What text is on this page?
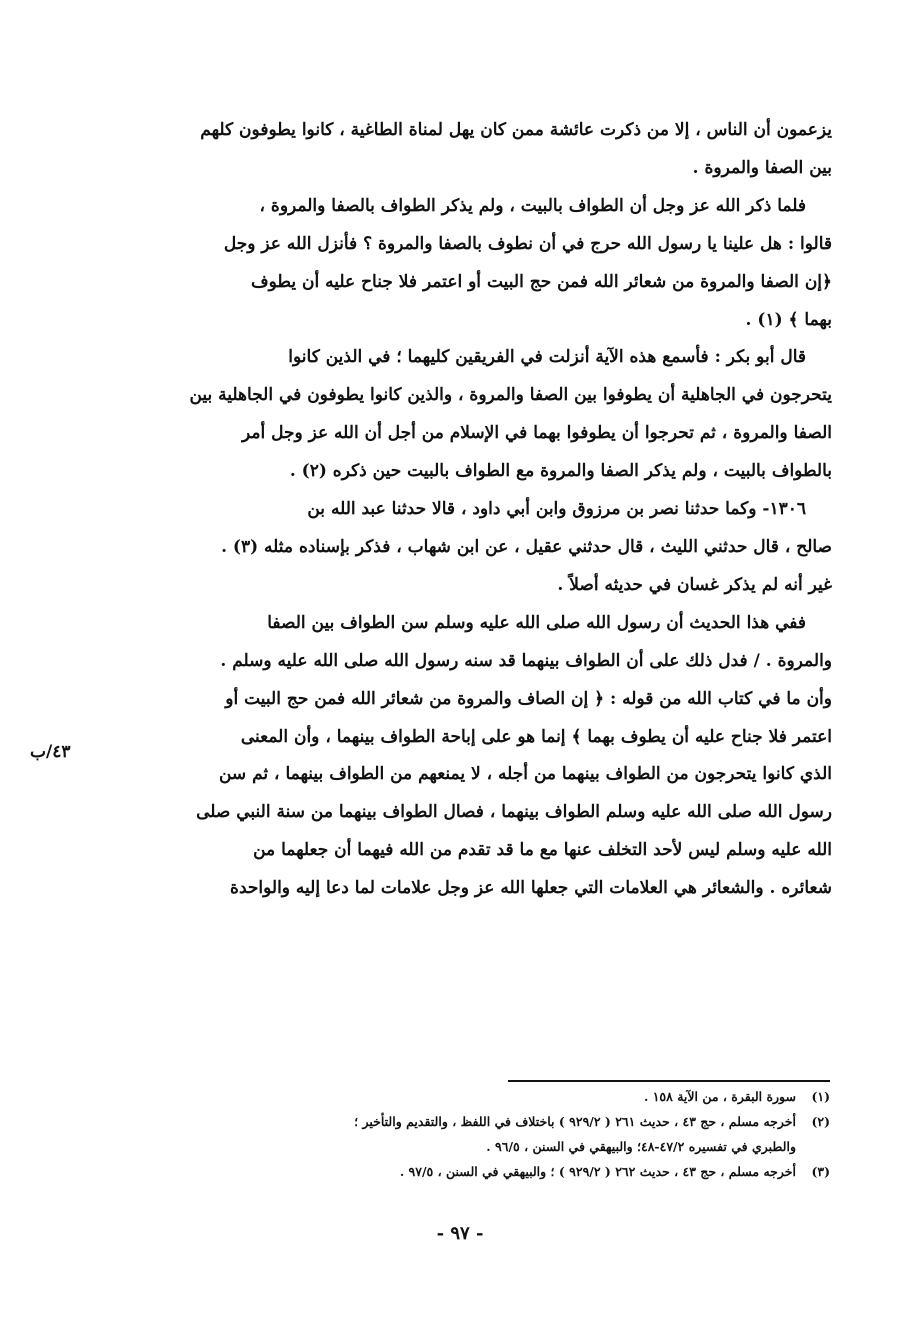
يزعمون أن الناس ، إلا من ذكرت عائشة ممن كان يهل لمناة الطاغية ، كانوا يطوفون كلهم
بين الصفا والمروة .

فلما ذكر الله عز وجل أن الطواف بالبيت ، ولم يذكر الطواف بالصفا والمروة ،
قالوا : هل علينا يا رسول الله حرج في أن نطوف بالصفا والمروة ؟ فأنزل الله عز وجل
﴿إن الصفا والمروة من شعائر الله فمن حج البيت أو اعتمر فلا جناح عليه أن يطوف
بهما ﴾ (١) .

قال أبو بكر : فأسمع هذه الآية أنزلت في الفريقين كليهما ؛ في الذين كانوا
يتحرجون في الجاهلية أن يطوفوا بين الصفا والمروة ، والذين كانوا يطوفون في الجاهلية بين
الصفا والمروة ، ثم تحرجوا أن يطوفوا بهما في الإسلام من أجل أن الله عز وجل أمر
بالطواف بالبيت ، ولم يذكر الصفا والمروة مع الطواف بالبيت حين ذكره (٢) .

١٣٠٦- وكما حدثنا نصر بن مرزوق وابن أبي داود ، قالا حدثنا عبد الله بن
صالح ، قال حدثني الليث ، قال حدثني عقيل ، عن ابن شهاب ، فذكر بإسناده مثله (٣) .
غير أنه لم يذكر غسان في حديثه أصلاً .

ففي هذا الحديث أن رسول الله صلى الله عليه وسلم سن الطواف بين الصفا
والمروة . / فدل ذلك على أن الطواف بينهما قد سنه رسول الله صلى الله عليه وسلم .
وأن ما في كتاب الله من قوله : ﴿ إن الصاف والمروة من شعائر الله فمن حج البيت أو
اعتمر فلا جناح عليه أن يطوف بهما ﴾ إنما هو على إباحة الطواف بينهما ، وأن المعنى
الذي كانوا يتحرجون من الطواف بينهما من أجله ، لا يمنعهم من الطواف بينهما ، ثم سن
رسول الله صلى الله عليه وسلم الطواف بينهما ، فصال الطواف بينهما من سنة النبي صلى
الله عليه وسلم ليس لأحد التخلف عنها مع ما قد تقدم من الله فيهما أن جعلهما من
شعائره . والشعائر هي العلامات التي جعلها الله عز وجل علامات لما دعا إليه والواحدة

٤٣/ب
(١)
سورة البقرة ، من الآية ١٥٨ .
(٢)
أخرجه مسلم ، حج ٤٣ ، حديث ٢٦١ ( ٩٢٩/٢ ) باختلاف في اللفظ ، والتقديم والتأخير ؛
والطبري في تفسيره ٤٧/٢-٤٨؛ والبيهقي في السنن ، ٩٦/٥ .
(٣)
أخرجه مسلم ، حج ٤٣ ، حديث ٢٦٢ ( ٩٢٩/٢ ) ؛ والبيهقي في السنن ، ٩٧/٥ .
- ٩٧ -
